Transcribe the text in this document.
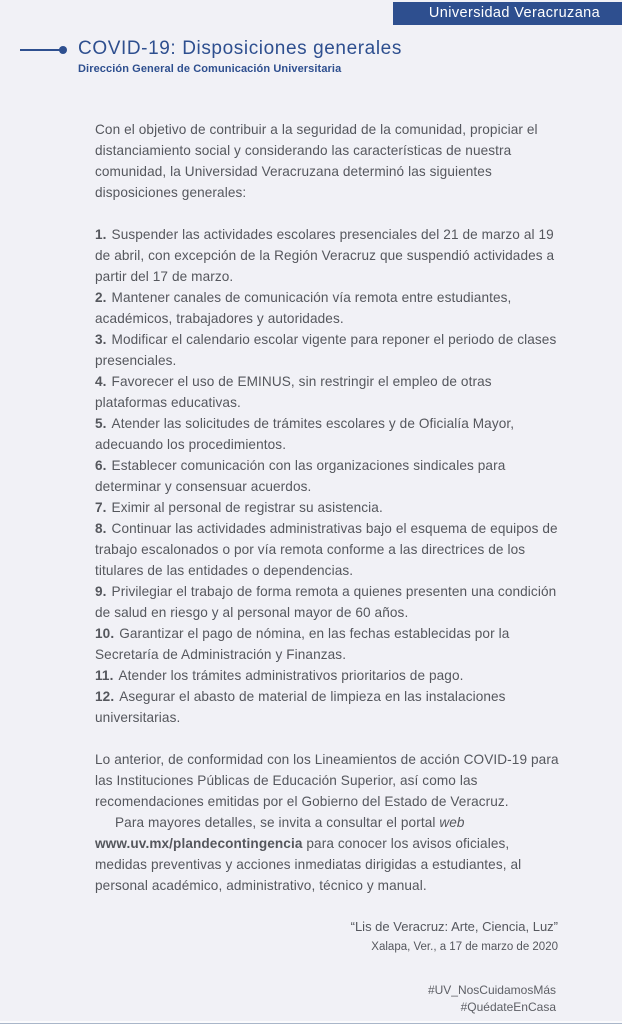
Universidad Veracruzana
COVID-19: Disposiciones generales
Dirección General de Comunicación Universitaria

Con el objetivo de contribuir a la seguridad de la comunidad, propiciar el distanciamiento social y considerando las características de nuestra comunidad, la Universidad Veracruzana determinó las siguientes disposiciones generales:

1. Suspender las actividades escolares presenciales del 21 de marzo al 19 de abril, con excepción de la Región Veracruz que suspendió actividades a partir del 17 de marzo.

2. Mantener canales de comunicación vía remota entre estudiantes, académicos, trabajadores y autoridades.

3. Modificar el calendario escolar vigente para reponer el periodo de clases presenciales.

4. Favorecer el uso de EMINUS, sin restringir el empleo de otras plataformas educativas.

5. Atender las solicitudes de trámites escolares y de Oficialía Mayor, adecuando los procedimientos.

6. Establecer comunicación con las organizaciones sindicales para determinar y consensuar acuerdos.

7. Eximir al personal de registrar su asistencia.

8. Continuar las actividades administrativas bajo el esquema de equipos de trabajo escalonados o por vía remota conforme a las directrices de los titulares de las entidades o dependencias.

9. Privilegiar el trabajo de forma remota a quienes presenten una condición de salud en riesgo y al personal mayor de 60 años.

10. Garantizar el pago de nómina, en las fechas establecidas por la Secretaría de Administración y Finanzas.

11. Atender los trámites administrativos prioritarios de pago.

12. Asegurar el abasto de material de limpieza en las instalaciones universitarias.

Lo anterior, de conformidad con los Lineamientos de acción COVID-19 para las Instituciones Públicas de Educación Superior, así como las recomendaciones emitidas por el Gobierno del Estado de Veracruz.

Para mayores detalles, se invita a consultar el portal web www.uv.mx/plandecontingencia para conocer los avisos oficiales, medidas preventivas y acciones inmediatas dirigidas a estudiantes, al personal académico, administrativo, técnico y manual.

“Lis de Veracruz: Arte, Ciencia, Luz”
Xalapa, Ver., a 17 de marzo de 2020
#UV_NosCuidamosMás
#QuédateEnCasa
